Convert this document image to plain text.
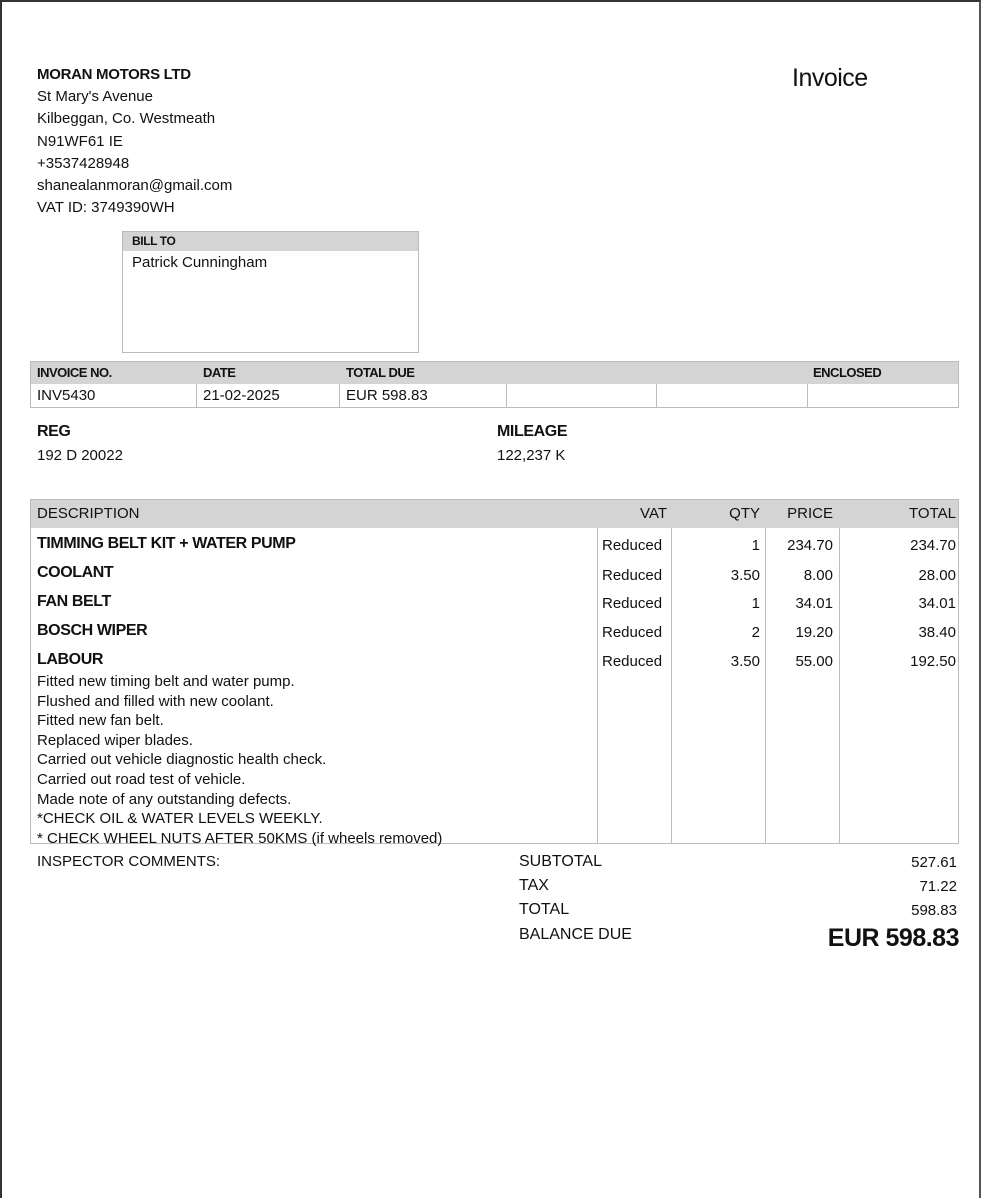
MORAN MOTORS LTD
St Mary's Avenue
Kilbeggan, Co. Westmeath
N91WF61 IE
+3537428948
shanealanmoran@gmail.com
VAT ID: 3749390WH
Invoice
BILL TO
Patrick Cunningham
INVOICE NO.	DATE	TOTAL DUE	ENCLOSED
INV5430	21-02-2025	EUR 598.83
REG
192 D 20022
MILEAGE
122,237 K
DESCRIPTION	VAT	QTY	PRICE	TOTAL
TIMMING BELT KIT + WATER PUMP	Reduced	1	234.70	234.70
COOLANT	Reduced	3.50	8.00	28.00
FAN BELT	Reduced	1	34.01	34.01
BOSCH WIPER	Reduced	2	19.20	38.40
LABOUR	Reduced	3.50	55.00	192.50
Fitted new timing belt and water pump.
Flushed and filled with new coolant.
Fitted new fan belt.
Replaced wiper blades.
Carried out vehicle diagnostic health check.
Carried out road test of vehicle.
Made note of any outstanding defects.
*CHECK OIL & WATER LEVELS WEEKLY.
* CHECK WHEEL NUTS AFTER 50KMS (if wheels removed)
INSPECTOR COMMENTS:	SUBTOTAL	527.61
TAX	71.22
TOTAL	598.83
BALANCE DUE	EUR 598.83
